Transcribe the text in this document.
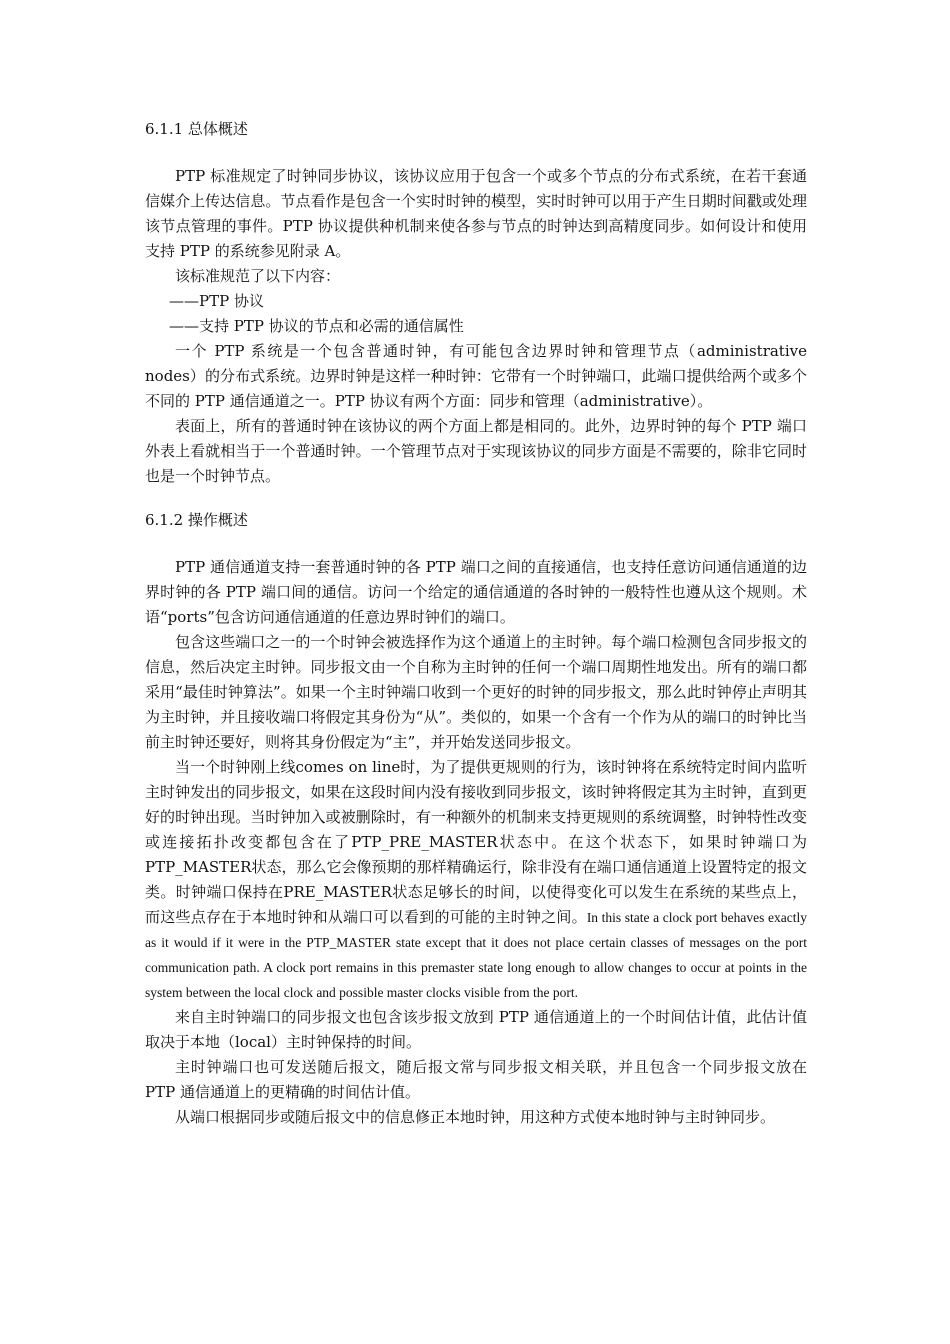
6.1.1 总体概述

PTP 标准规定了时钟同步协议，该协议应用于包含一个或多个节点的分布式系统，在若干套通信媒介上传达信息。节点看作是包含一个实时时钟的模型，实时时钟可以用于产生日期时间戳或处理该节点管理的事件。PTP 协议提供种机制来使各参与节点的时钟达到高精度同步。如何设计和使用支持 PTP 的系统参见附录 A。

该标准规范了以下内容：

——PTP 协议

——支持 PTP 协议的节点和必需的通信属性

一个 PTP 系统是一个包含普通时钟，有可能包含边界时钟和管理节点（administrative nodes）的分布式系统。边界时钟是这样一种时钟：它带有一个时钟端口，此端口提供给两个或多个不同的 PTP 通信通道之一。PTP 协议有两个方面：同步和管理（administrative）。

表面上，所有的普通时钟在该协议的两个方面上都是相同的。此外，边界时钟的每个 PTP 端口外表上看就相当于一个普通时钟。一个管理节点对于实现该协议的同步方面是不需要的，除非它同时也是一个时钟节点。

6.1.2 操作概述

PTP 通信通道支持一套普通时钟的各 PTP 端口之间的直接通信，也支持任意访问通信通道的边界时钟的各 PTP 端口间的通信。访问一个给定的通信通道的各时钟的一般特性也遵从这个规则。术语“ports”包含访问通信通道的任意边界时钟们的端口。

包含这些端口之一的一个时钟会被选择作为这个通道上的主时钟。每个端口检测包含同步报文的信息，然后决定主时钟。同步报文由一个自称为主时钟的任何一个端口周期性地发出。所有的端口都采用“最佳时钟算法”。如果一个主时钟端口收到一个更好的时钟的同步报文，那么此时钟停止声明其为主时钟，并且接收端口将假定其身份为“从”。类似的，如果一个含有一个作为从的端口的时钟比当前主时钟还要好，则将其身份假定为“主”，并开始发送同步报文。

当一个时钟刚上线comes on line时，为了提供更规则的行为，该时钟将在系统特定时间内监听主时钟发出的同步报文，如果在这段时间内没有接收到同步报文，该时钟将假定其为主时钟，直到更好的时钟出现。当时钟加入或被删除时，有一种额外的机制来支持更规则的系统调整，时钟特性改变或连接拓扑改变都包含在了PTP_PRE_MASTER状态中。在这个状态下，如果时钟端口为PTP_MASTER状态，那么它会像预期的那样精确运行，除非没有在端口通信通道上设置特定的报文类。时钟端口保持在PRE_MASTER状态足够长的时间，以使得变化可以发生在系统的某些点上，而这些点存在于本地时钟和从端口可以看到的可能的主时钟之间。In this state a clock port behaves exactly as it would if it were in the PTP_MASTER state except that it does not place certain classes of messages on the port communication path. A clock port remains in this premaster state long enough to allow changes to occur at points in the system between the local clock and possible master clocks visible from the port.

来自主时钟端口的同步报文也包含该步报文放到 PTP 通信通道上的一个时间估计值，此估计值取决于本地（local）主时钟保持的时间。

主时钟端口也可发送随后报文，随后报文常与同步报文相关联，并且包含一个同步报文放在 PTP 通信通道上的更精确的时间估计值。

从端口根据同步或随后报文中的信息修正本地时钟，用这种方式使本地时钟与主时钟同步。
